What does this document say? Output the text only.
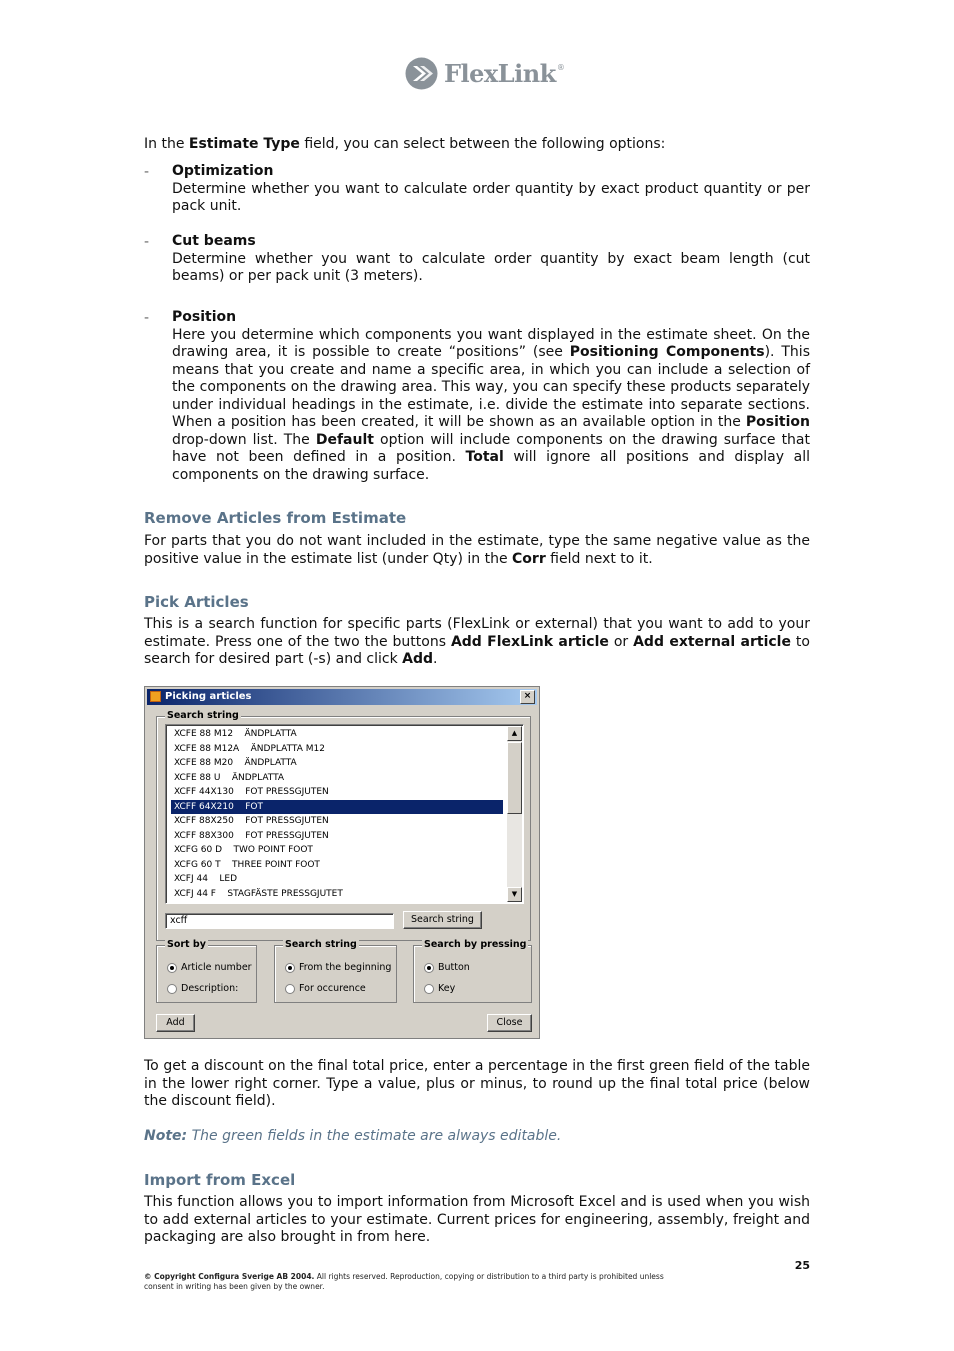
FlexLink ®
In the Estimate Type field, you can select between the following options:
- Optimization
Determine whether you want to calculate order quantity by exact product quantity or per pack unit.
- Cut beams
Determine whether you want to calculate order quantity by exact beam length (cut beams) or per pack unit (3 meters).
- Position
Here you determine which components you want displayed in the estimate sheet. On the drawing area, it is possible to create “positions” (see Positioning Components). This means that you create and name a specific area, in which you can include a selection of the components on the drawing area. This way, you can specify these products separately under individual headings in the estimate, i.e. divide the estimate into separate sections. When a position has been created, it will be shown as an available option in the Position drop-down list. The Default option will include components on the drawing surface that have not been defined in a position. Total will ignore all positions and display all components on the drawing surface.
Remove Articles from Estimate
For parts that you do not want included in the estimate, type the same negative value as the positive value in the estimate list (under Qty) in the Corr field next to it.
Pick Articles
This is a search function for specific parts (FlexLink or external) that you want to add to your estimate. Press one of the two the buttons Add FlexLink article or Add external article to search for desired part (-s) and click Add.
Picking articles	×
Search string
XCFE 88 M12    ÄNDPLATTA
XCFE 88 M12A    ÄNDPLATTA M12
XCFE 88 M20    ÄNDPLATTA
XCFE 88 U    ÄNDPLATTA
XCFF 44X130    FOT PRESSGJUTEN
XCFF 64X210    FOT
XCFF 88X250    FOT PRESSGJUTEN
XCFF 88X300    FOT PRESSGJUTEN
XCFG 60 D    TWO POINT FOOT
XCFG 60 T    THREE POINT FOOT
XCFJ 44    LED
XCFJ 44 F    STAGFÄSTE PRESSGJUTET
▲
▼
xcff	Search string
Sort by
Article number
Description:
Search string
From the beginning
For occurence
Search by pressing
Button
Key
Add	Close
To get a discount on the final total price, enter a percentage in the first green field of the table in the lower right corner. Type a value, plus or minus, to round up the final total price (below the discount field).
Note: The green fields in the estimate are always editable.
Import from Excel
This function allows you to import information from Microsoft Excel and is used when you wish to add external articles to your estimate. Current prices for engineering, assembly, freight and packaging are also brought in from here.
25
© Copyright Configura Sverige AB 2004. All rights reserved. Reproduction, copying or distribution to a third party is prohibited unless
consent in writing has been given by the owner.
